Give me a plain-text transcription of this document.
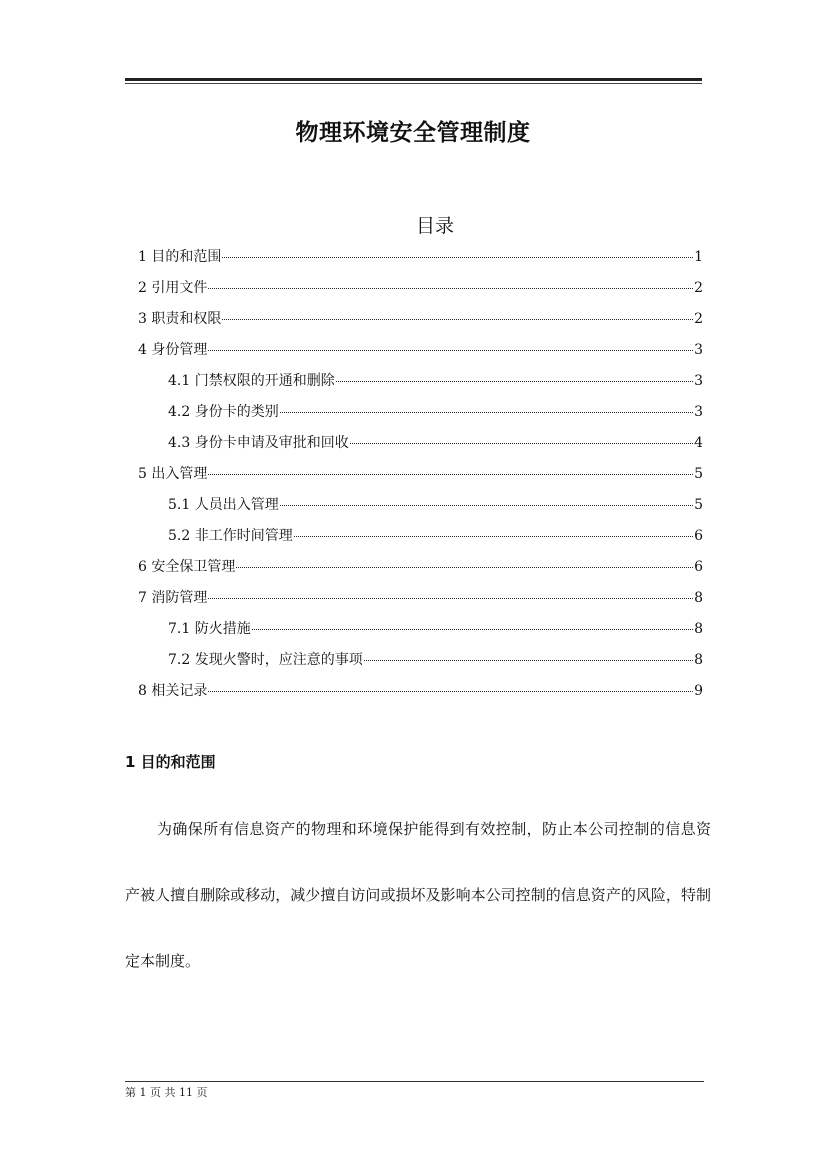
物理环境安全管理制度
目录
1 目的和范围	1
2 引用文件	2
3 职责和权限	2
4 身份管理	3
4.1 门禁权限的开通和删除	3
4.2 身份卡的类别	3
4.3 身份卡申请及审批和回收	4
5 出入管理	5
5.1 人员出入管理	5
5.2 非工作时间管理	6
6 安全保卫管理	6
7 消防管理	8
7.1 防火措施	8
7.2 发现火警时，应注意的事项	8
8 相关记录	9
1 目的和范围
为确保所有信息资产的物理和环境保护能得到有效控制，防止本公司控制的信息资产被人擅自删除或移动，减少擅自访问或损坏及影响本公司控制的信息资产的风险，特制定本制度。
第 1 页 共 11 页
